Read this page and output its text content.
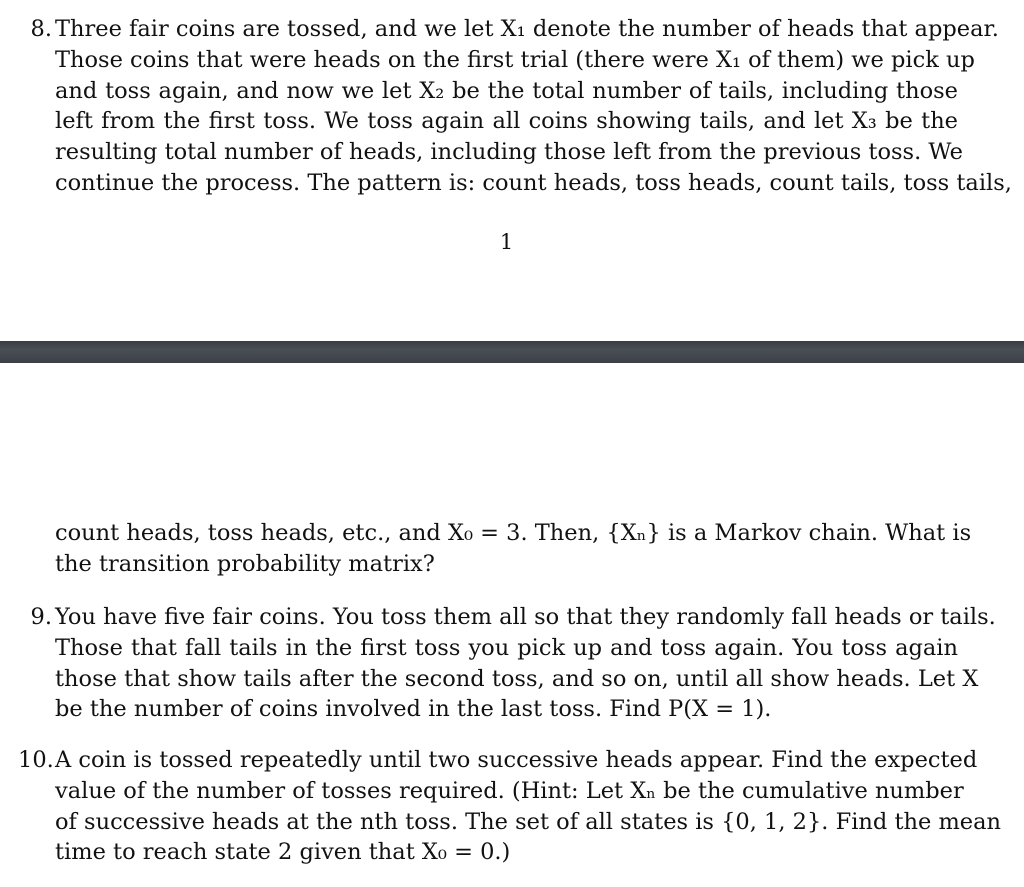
8. Three fair coins are tossed, and we let X₁ denote the number of heads that appear.
Those coins that were heads on the first trial (there were X₁ of them) we pick up
and toss again, and now we let X₂ be the total number of tails, including those
left from the first toss. We toss again all coins showing tails, and let X₃ be the
resulting total number of heads, including those left from the previous toss. We
continue the process. The pattern is: count heads, toss heads, count tails, toss tails,
1
count heads, toss heads, etc., and X₀ = 3. Then, {Xₙ} is a Markov chain. What is
the transition probability matrix?
9. You have five fair coins. You toss them all so that they randomly fall heads or tails.
Those that fall tails in the first toss you pick up and toss again. You toss again
those that show tails after the second toss, and so on, until all show heads. Let X
be the number of coins involved in the last toss. Find P(X = 1).
10. A coin is tossed repeatedly until two successive heads appear. Find the expected
value of the number of tosses required. (Hint: Let Xₙ be the cumulative number
of successive heads at the nth toss. The set of all states is {0, 1, 2}. Find the mean
time to reach state 2 given that X₀ = 0.)
